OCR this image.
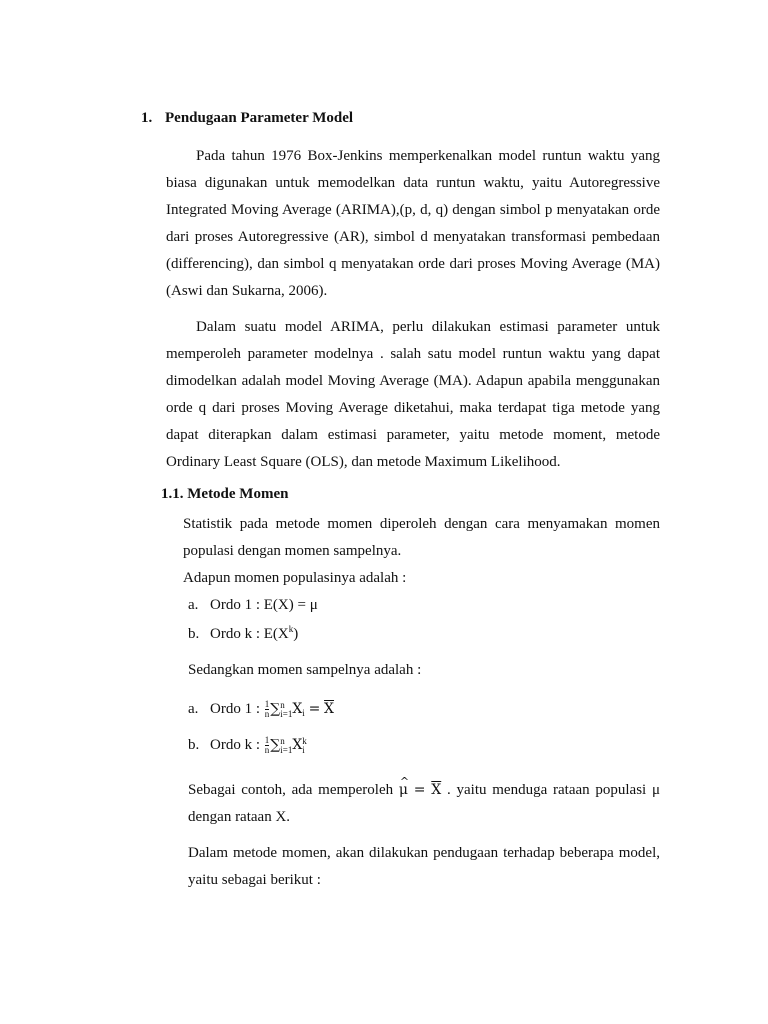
1. Pendugaan Parameter Model
Pada tahun 1976 Box-Jenkins memperkenalkan model runtun waktu yang biasa digunakan untuk memodelkan data runtun waktu, yaitu Autoregressive Integrated Moving Average (ARIMA),(p, d, q) dengan simbol p menyatakan orde dari proses Autoregressive (AR), simbol d menyatakan transformasi pembedaan (differencing), dan simbol q menyatakan orde dari proses Moving Average (MA) (Aswi dan Sukarna, 2006).
Dalam suatu model ARIMA, perlu dilakukan estimasi parameter untuk memperoleh parameter modelnya . salah satu model runtun waktu yang dapat dimodelkan adalah model Moving Average (MA). Adapun apabila menggunakan orde q dari proses Moving Average diketahui, maka terdapat tiga metode yang dapat diterapkan dalam estimasi parameter, yaitu metode moment, metode Ordinary Least Square (OLS), dan metode Maximum Likelihood.
1.1. Metode Momen
Statistik pada metode momen diperoleh dengan cara menyamakan momen populasi dengan momen sampelnya.
Adapun momen populasinya adalah :
a. Ordo 1 : E(X) = μ
b. Ordo k : $E(X^k)$
Sedangkan momen sampelnya adalah :
a. Ordo 1 : $\frac{1}{n}$ ∑ n
i=1 $X_i = \overline{X}$
b. Ordo k : $\frac{1}{n}$ ∑ n
i=1 X k
i
Sebagai contoh, ada memperoleh ^ $\mu = \overline{X}$ . yaitu menduga rataan populasi μ dengan rataan X.
Dalam metode momen, akan dilakukan pendugaan terhadap beberapa model, yaitu sebagai berikut :
